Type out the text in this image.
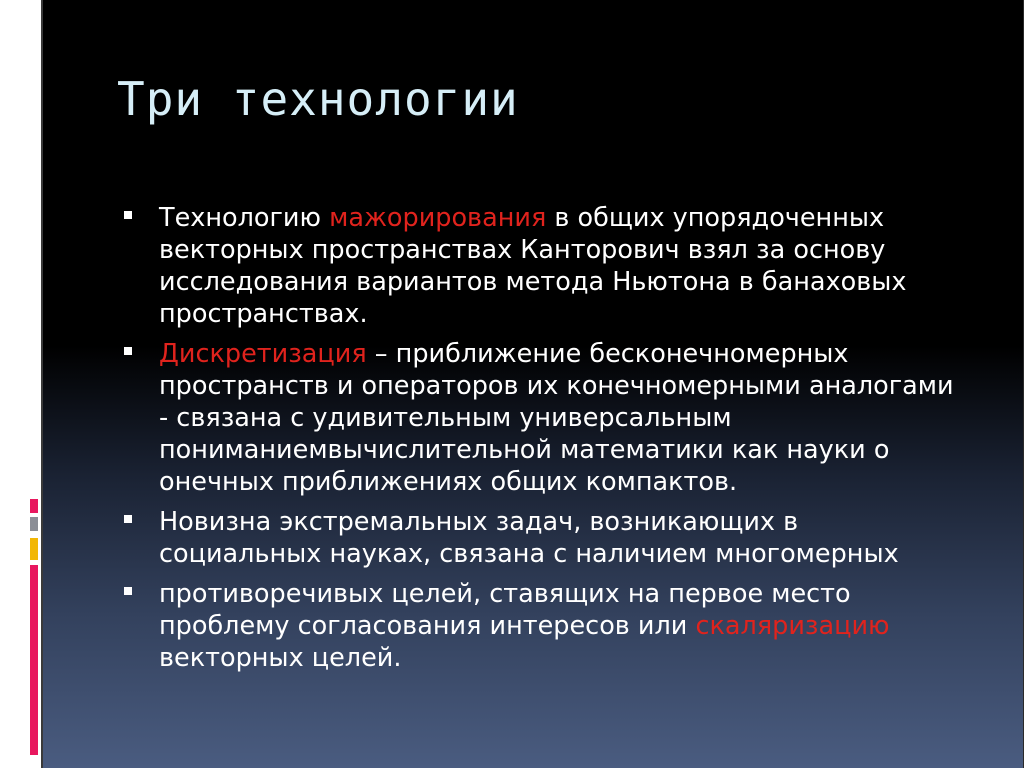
Три технологии
Технологию мажорирования в общих упорядоченных векторных пространствах Канторович взял за основу исследования вариантов метода Ньютона в банаховых пространствах.
Дискретизация – приближение бесконечномерных пространств и операторов их конечномерными аналогами - связана с удивительным универсальным пониманиемвычислительной математики как науки о онечных приближениях общих компактов.
Новизна экстремальных задач, возникающих в социальных науках, связана с наличием многомерных
противоречивых целей, ставящих на первое место проблему согласования интересов или скаляризацию векторных целей.
